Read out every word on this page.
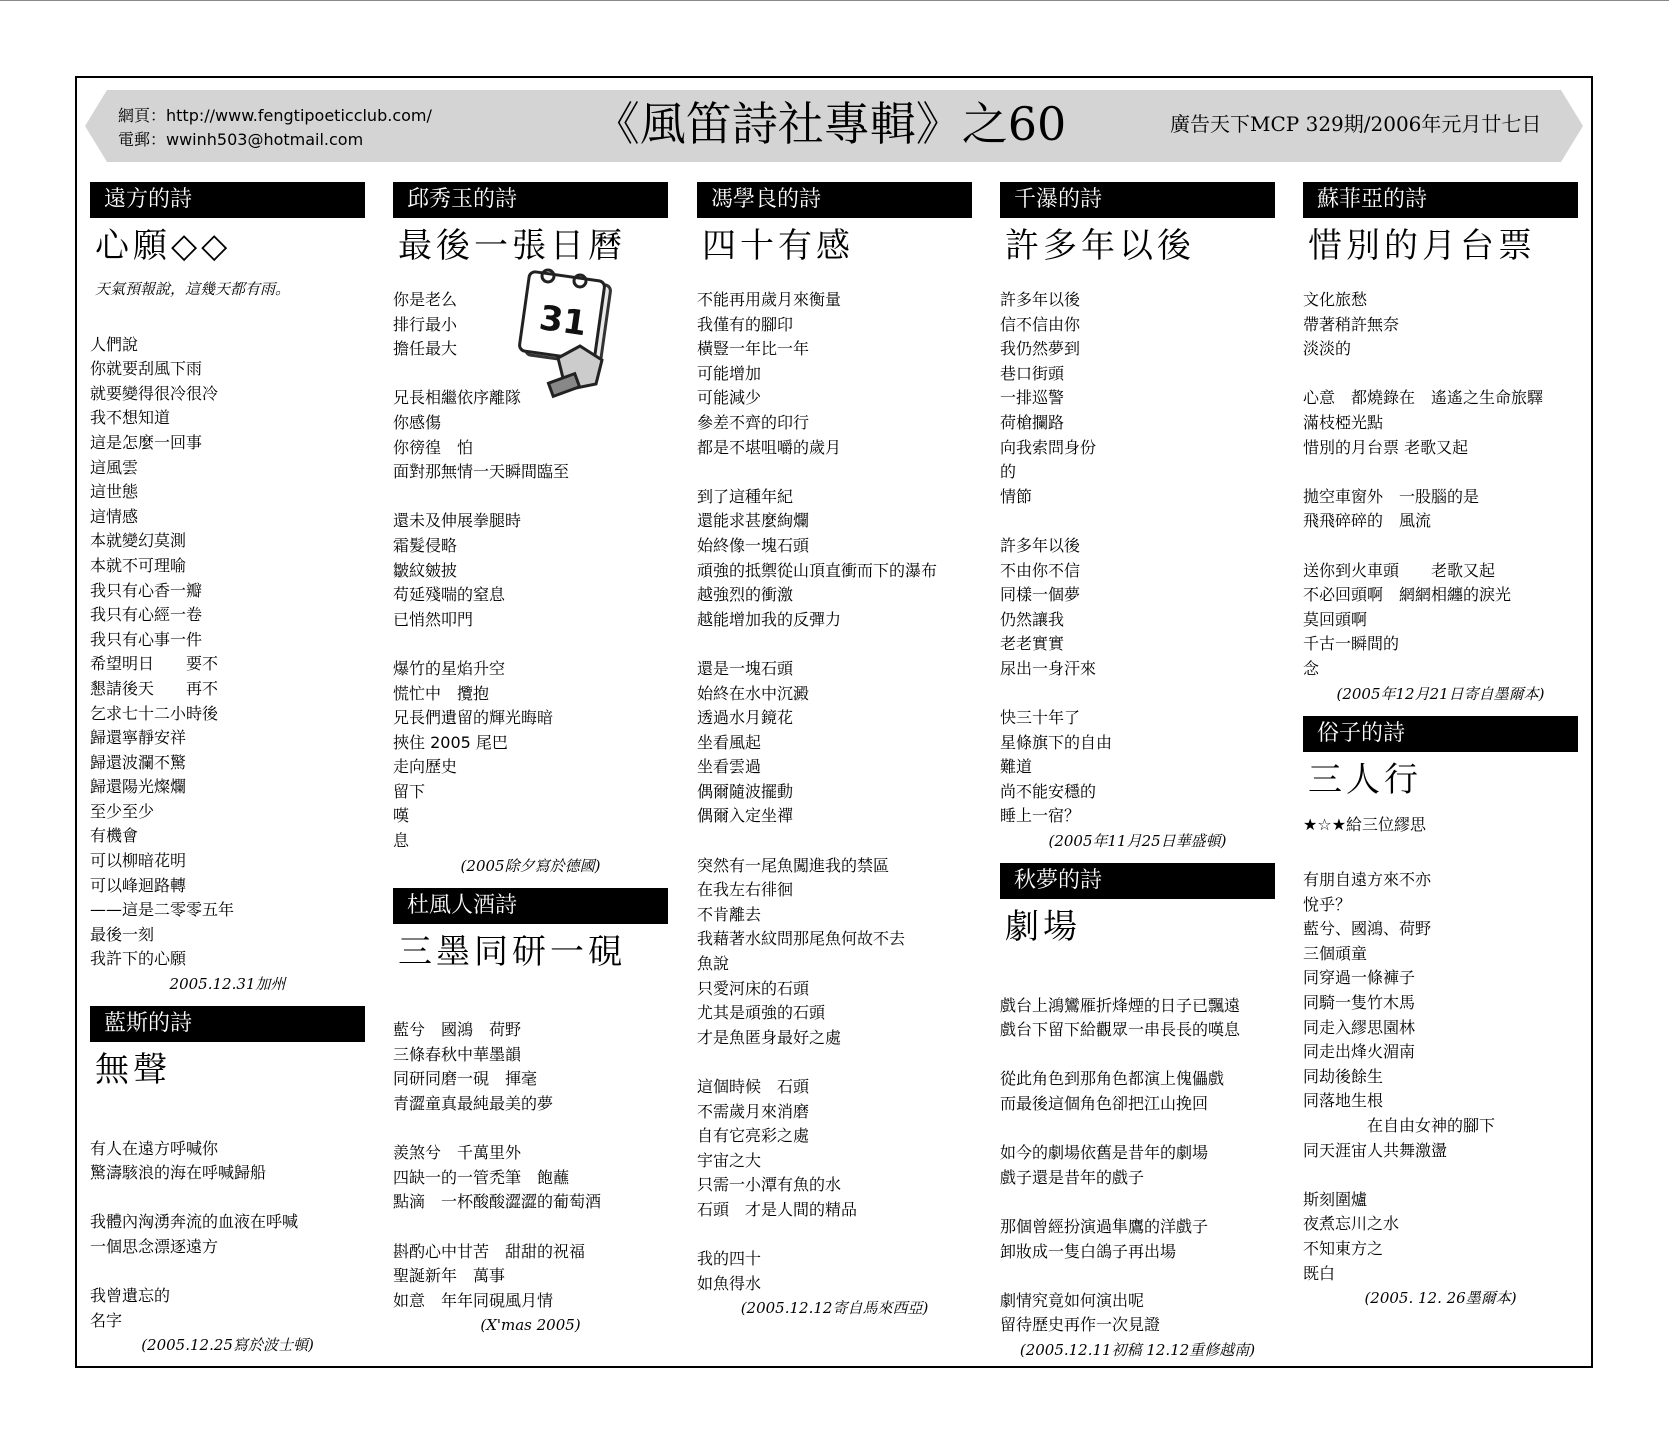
網頁：http://www.fengtipoeticclub.com/
電郵：wwinh503@hotmail.com	《風笛詩社專輯》之60	廣告天下MCP 329期/2006年元月廿七日
遠方的詩
心願◇◇
天氣預報說，這幾天都有雨。
人們說
你就要刮風下雨
就要變得很冷很冷
我不想知道
這是怎麼一回事
這風雲
這世態
這情感
本就變幻莫測
本就不可理喻
我只有心香一瓣
我只有心經一卷
我只有心事一件
希望明日　　要不
懇請後天　　再不
乞求七十二小時後
歸還寧靜安祥
歸還波瀾不驚
歸還陽光燦爛
至少至少
有機會
可以柳暗花明
可以峰迴路轉
——這是二零零五年
最後一刻
我許下的心願
2005.12.31加州
藍斯的詩
無聲
有人在遠方呼喊你
驚濤駭浪的海在呼喊歸船
我體內洶湧奔流的血液在呼喊
一個思念漂逐遠方
我曾遺忘的
名字
(2005.12.25寫於波士頓)
邱秀玉的詩
最後一張日曆
你是老么
排行最小
擔任最大
兄長相繼依序離隊
你感傷
你徬徨　怕
面對那無情一天瞬間臨至
還未及伸展拳腿時
霜髮侵略
皺紋皴披
苟延殘喘的窒息
已悄然叩門
爆竹的星焰升空
慌忙中　攬抱
兄長們遺留的輝光晦暗
挾住 2005 尾巴
走向歷史
留下
嘆
息
(2005除夕寫於德國)
杜風人酒詩
三墨同研一硯
藍兮　國鴻　荷野
三條春秋中華墨韻
同研同磨一硯　揮毫
青澀童真最純最美的夢
羨煞兮　千萬里外
四缺一的一管禿筆　飽蘸
點滴　一杯酸酸澀澀的葡萄酒
斟酌心中甘苦　甜甜的祝福
聖誕新年　萬事
如意　年年同硯風月情
(X'mas 2005)
馮學良的詩
四十有感
不能再用歲月來衡量
我僅有的腳印
橫豎一年比一年
可能增加
可能減少
參差不齊的印行
都是不堪咀嚼的歲月
到了這種年紀
還能求甚麼絢爛
始終像一塊石頭
頑強的抵禦從山頂直衝而下的瀑布
越強烈的衝激
越能增加我的反彈力
還是一塊石頭
始終在水中沉澱
透過水月鏡花
坐看風起
坐看雲過
偶爾隨波擺動
偶爾入定坐禪
突然有一尾魚闖進我的禁區
在我左右徘徊
不肯離去
我藉著水紋問那尾魚何故不去
魚說
只愛河床的石頭
尤其是頑強的石頭
才是魚匿身最好之處
這個時候　石頭
不需歲月來消磨
自有它亮彩之處
宇宙之大
只需一小潭有魚的水
石頭　才是人間的精品
我的四十
如魚得水
(2005.12.12寄自馬來西亞)
千瀑的詩
許多年以後
許多年以後
信不信由你
我仍然夢到
巷口街頭
一排巡警
荷槍攔路
向我索問身份
的
情節
許多年以後
不由你不信
同樣一個夢
仍然讓我
老老實實
尿出一身汗來
快三十年了
星條旗下的自由
難道
尚不能安穩的
睡上一宿？
(2005年11月25日華盛頓)
秋夢的詩
劇場
戲台上鴻鸞雁折烽煙的日子已飄遠
戲台下留下給觀眾一串長長的嘆息
從此角色到那角色都演上傀儡戲
而最後這個角色卻把江山挽回
如今的劇場依舊是昔年的劇場
戲子還是昔年的戲子
那個曾經扮演過隼鷹的洋戲子
卸妝成一隻白鴿子再出場
劇情究竟如何演出呢
留待歷史再作一次見證
(2005.12.11初稿 12.12重修越南)
蘇菲亞的詩
惜別的月台票
文化旅愁
帶著稍許無奈
淡淡的
心意　都燒錄在　遙遙之生命旅驛
滿枝椏光點
惜別的月台票 老歌又起
拋空車窗外　一股腦的是
飛飛碎碎的　風流
送你到火車頭　　老歌又起
不必回頭啊　網網相纏的淚光
莫回頭啊
千古一瞬間的
念
(2005年12月21日寄自墨爾本)
俗子的詩
三人行
★☆★給三位繆思
有朋自遠方來不亦
悅乎？
藍兮、國鴻、荷野
三個頑童
同穿過一條褲子
同騎一隻竹木馬
同走入繆思園林
同走出烽火湄南
同劫後餘生
同落地生根
　　　　在自由女神的腳下
同天涯宙人共舞激盪
斯刻圍爐
夜煮忘川之水
不知東方之
既白
(2005. 12. 26墨爾本)
31
